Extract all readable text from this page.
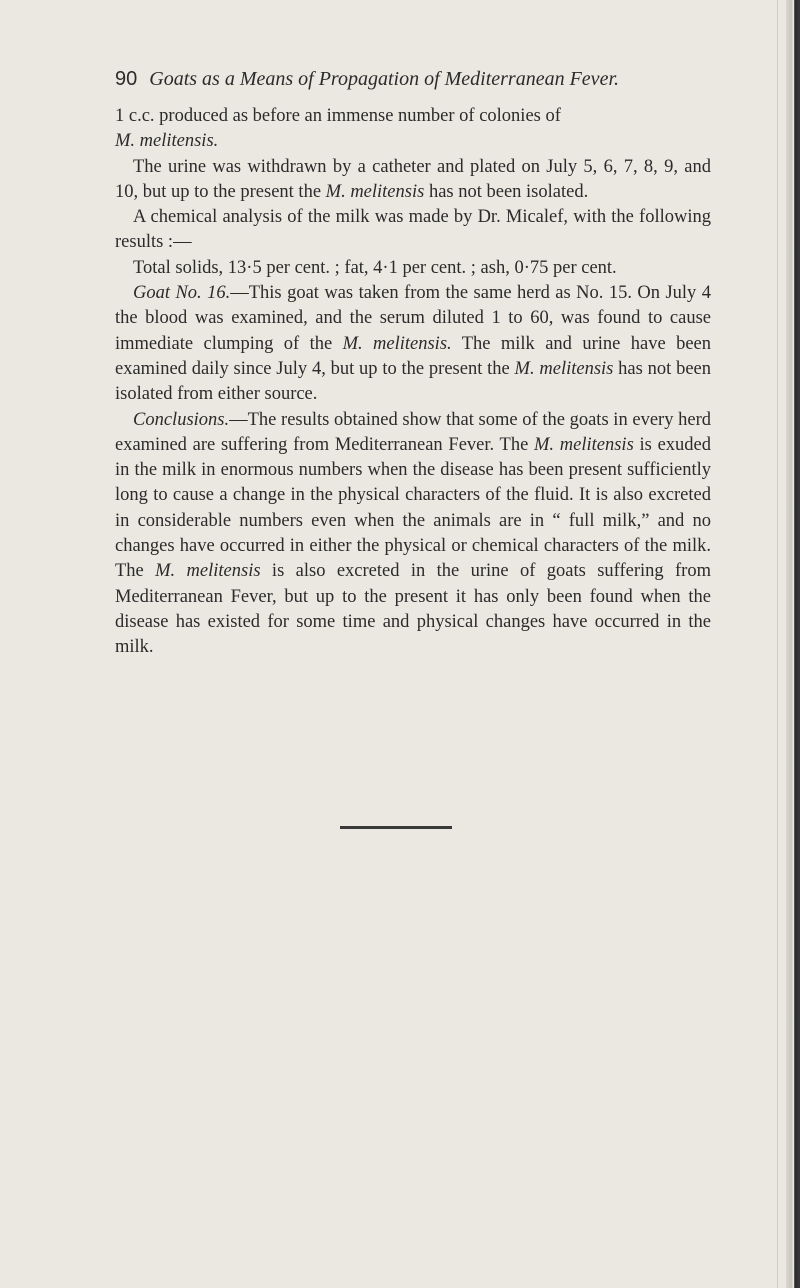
90 Goats as a Means of Propagation of Mediterranean Fever.

1 c.c. produced as before an immense number of colonies of
M. melitensis.

The urine was withdrawn by a catheter and plated on July 5, 6, 7, 8, 9, and 10, but up to the present the M. melitensis has not been isolated.

A chemical analysis of the milk was made by Dr. Micalef, with the following results :—

Total solids, 13·5 per cent. ; fat, 4·1 per cent. ; ash, 0·75 per cent.

Goat No. 16.—This goat was taken from the same herd as No. 15. On July 4 the blood was examined, and the serum diluted 1 to 60, was found to cause immediate clumping of the M. melitensis. The milk and urine have been examined daily since July 4, but up to the present the M. melitensis has not been isolated from either source.

Conclusions.—The results obtained show that some of the goats in every herd examined are suffering from Mediterranean Fever. The M. melitensis is exuded in the milk in enormous numbers when the disease has been present sufficiently long to cause a change in the physical characters of the fluid. It is also excreted in considerable numbers even when the animals are in “ full milk,” and no changes have occurred in either the physical or chemical characters of the milk. The M. melitensis is also excreted in the urine of goats suffering from Mediterranean Fever, but up to the present it has only been found when the disease has existed for some time and physical changes have occurred in the milk.
